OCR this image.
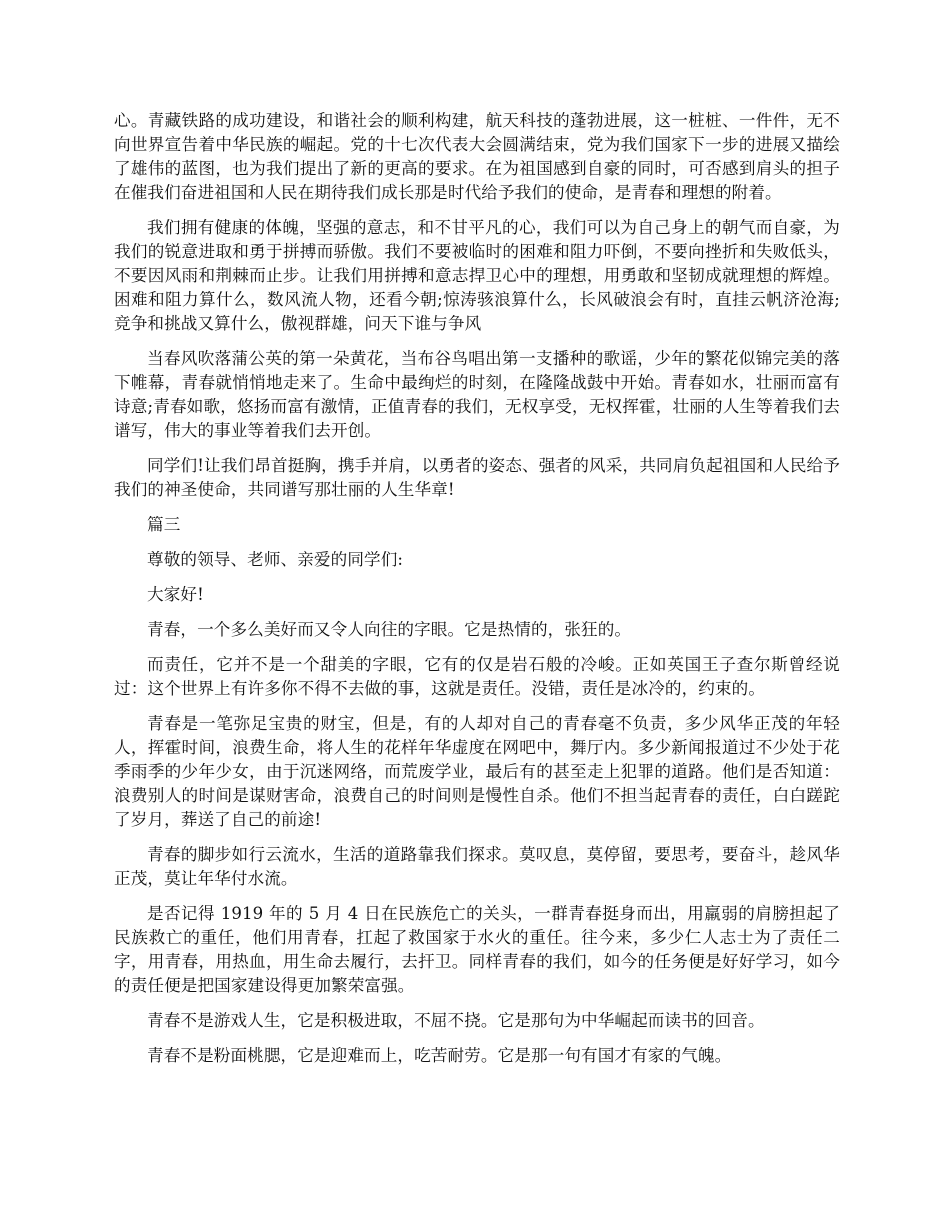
心。青藏铁路的成功建设，和谐社会的顺利构建，航天科技的蓬勃进展，这一桩桩、一件件，无不向世界宣告着中华民族的崛起。党的十七次代表大会圆满结束，党为我们国家下一步的进展又描绘了雄伟的蓝图，也为我们提出了新的更高的要求。在为祖国感到自豪的同时，可否感到肩头的担子在催我们奋进祖国和人民在期待我们成长那是时代给予我们的使命，是青春和理想的附着。

我们拥有健康的体魄，坚强的意志，和不甘平凡的心，我们可以为自己身上的朝气而自豪，为我们的锐意进取和勇于拼搏而骄傲。我们不要被临时的困难和阻力吓倒，不要向挫折和失败低头，不要因风雨和荆棘而止步。让我们用拼搏和意志捍卫心中的理想，用勇敢和坚韧成就理想的辉煌。困难和阻力算什么，数风流人物，还看今朝;惊涛骇浪算什么，长风破浪会有时，直挂云帆济沧海;竞争和挑战又算什么，傲视群雄，问天下谁与争风

当春风吹落蒲公英的第一朵黄花，当布谷鸟唱出第一支播种的歌谣，少年的繁花似锦完美的落下帷幕，青春就悄悄地走来了。生命中最绚烂的时刻，在隆隆战鼓中开始。青春如水，壮丽而富有诗意;青春如歌，悠扬而富有激情，正值青春的我们，无权享受，无权挥霍，壮丽的人生等着我们去谱写，伟大的事业等着我们去开创。

同学们!让我们昂首挺胸，携手并肩，以勇者的姿态、强者的风采，共同肩负起祖国和人民给予我们的神圣使命，共同谱写那壮丽的人生华章!

篇三

尊敬的领导、老师、亲爱的同学们:

大家好!

青春，一个多么美好而又令人向往的字眼。它是热情的，张狂的。

而责任，它并不是一个甜美的字眼，它有的仅是岩石般的冷峻。正如英国王子查尔斯曾经说过：这个世界上有许多你不得不去做的事，这就是责任。没错，责任是冰冷的，约束的。

青春是一笔弥足宝贵的财宝，但是，有的人却对自己的青春毫不负责，多少风华正茂的年轻人，挥霍时间，浪费生命，将人生的花样年华虚度在网吧中，舞厅内。多少新闻报道过不少处于花季雨季的少年少女，由于沉迷网络，而荒废学业，最后有的甚至走上犯罪的道路。他们是否知道：浪费别人的时间是谋财害命，浪费自己的时间则是慢性自杀。他们不担当起青春的责任，白白蹉跎了岁月，葬送了自己的前途!

青春的脚步如行云流水，生活的道路靠我们探求。莫叹息，莫停留，要思考，要奋斗，趁风华正茂，莫让年华付水流。

是否记得 1919 年的 5 月 4 日在民族危亡的关头，一群青春挺身而出，用羸弱的肩膀担起了民族救亡的重任，他们用青春，扛起了救国家于水火的重任。往今来，多少仁人志士为了责任二字，用青春，用热血，用生命去履行，去扞卫。同样青春的我们，如今的任务便是好好学习，如今的责任便是把国家建设得更加繁荣富强。

青春不是游戏人生，它是积极进取，不屈不挠。它是那句为中华崛起而读书的回音。

青春不是粉面桃腮，它是迎难而上，吃苦耐劳。它是那一句有国才有家的气魄。
